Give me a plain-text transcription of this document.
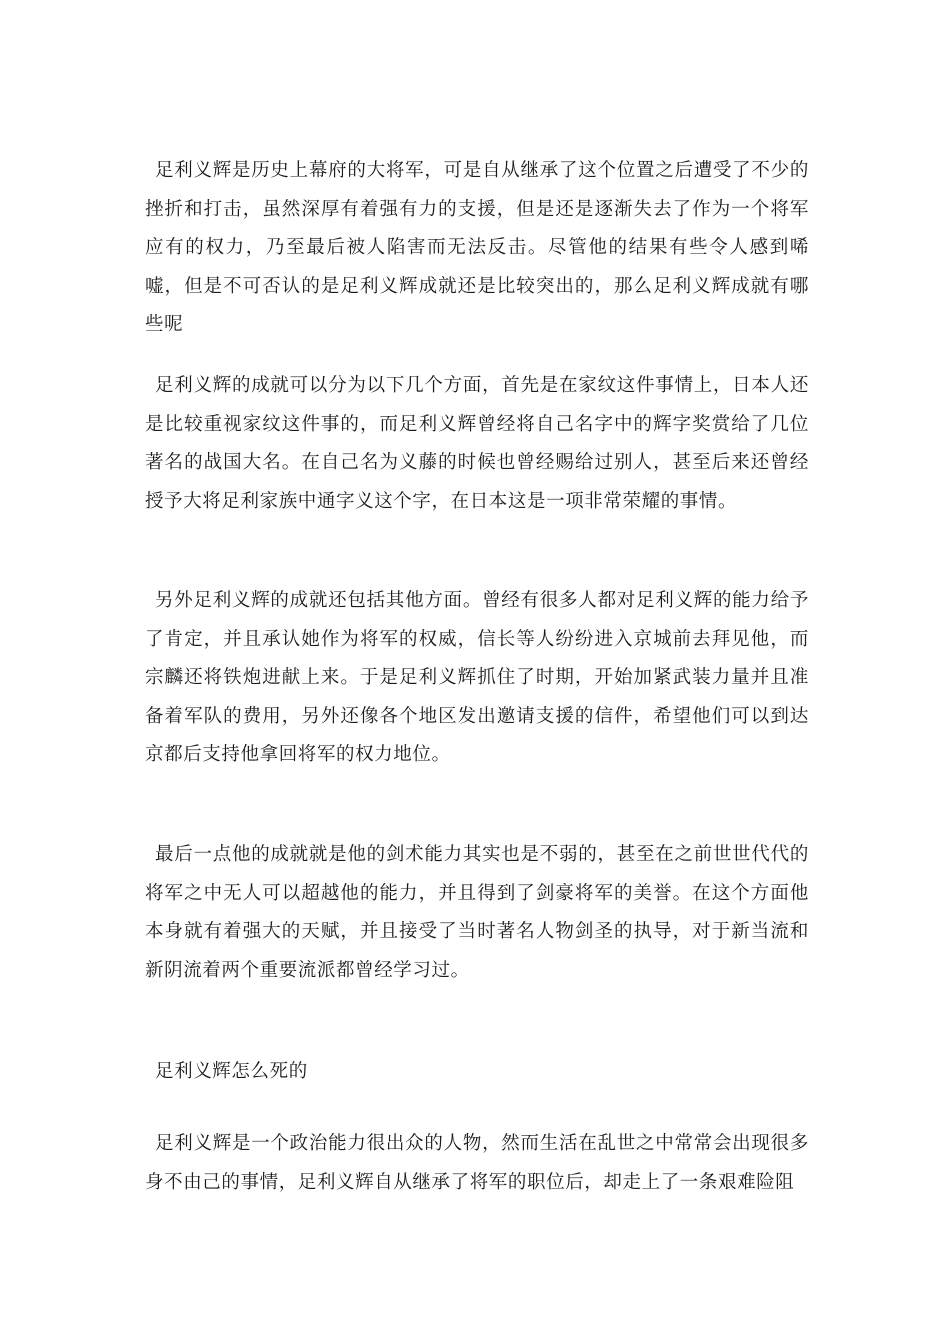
足利义辉是历史上幕府的大将军，可是自从继承了这个位置之后遭受了不少的挫折和打击，虽然深厚有着强有力的支援，但是还是逐渐失去了作为一个将军应有的权力，乃至最后被人陷害而无法反击。尽管他的结果有些令人感到唏嘘，但是不可否认的是足利义辉成就还是比较突出的，那么足利义辉成就有哪些呢

足利义辉的成就可以分为以下几个方面，首先是在家纹这件事情上，日本人还是比较重视家纹这件事的，而足利义辉曾经将自己名字中的辉字奖赏给了几位著名的战国大名。在自己名为义藤的时候也曾经赐给过别人，甚至后来还曾经授予大将足利家族中通字义这个字，在日本这是一项非常荣耀的事情。

另外足利义辉的成就还包括其他方面。曾经有很多人都对足利义辉的能力给予了肯定，并且承认她作为将军的权威，信长等人纷纷进入京城前去拜见他，而宗麟还将铁炮进献上来。于是足利义辉抓住了时期，开始加紧武装力量并且准备着军队的费用，另外还像各个地区发出邀请支援的信件，希望他们可以到达京都后支持他拿回将军的权力地位。

最后一点他的成就就是他的剑术能力其实也是不弱的，甚至在之前世世代代的将军之中无人可以超越他的能力，并且得到了剑豪将军的美誉。在这个方面他本身就有着强大的天赋，并且接受了当时著名人物剑圣的执导，对于新当流和新阴流着两个重要流派都曾经学习过。

足利义辉怎么死的

足利义辉是一个政治能力很出众的人物，然而生活在乱世之中常常会出现很多身不由己的事情，足利义辉自从继承了将军的职位后，却走上了一条艰难险阻
